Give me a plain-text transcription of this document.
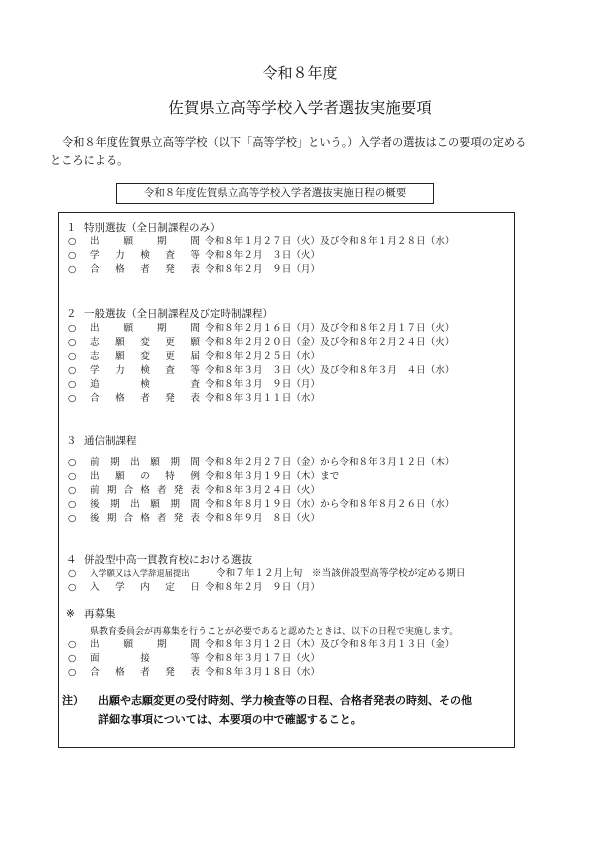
令和８年度
佐賀県立高等学校入学者選抜実施要項
令和８年度佐賀県立高等学校（以下「高等学校」という。）入学者の選抜はこの要項の定めるところによる。
令和８年度佐賀県立高等学校入学者選抜実施日程の概要
１ 特別選抜（全日制課程のみ）
○ 出願期間 令和８年１月２７日（火）及び令和８年１月２８日（水）
○ 学力検査等 令和８年２月　３日（火）
○ 合格者発表 令和８年２月　９日（月）
２ 一般選抜（全日制課程及び定時制課程）
○ 出願期間 令和８年２月１６日（月）及び令和８年２月１７日（火）
○ 志願変更願 令和８年２月２０日（金）及び令和８年２月２４日（火）
○ 志願変更届 令和８年２月２５日（水）
○ 学力検査等 令和８年３月　３日（火）及び令和８年３月　４日（水）
○ 追検査 令和８年３月　９日（月）
○ 合格者発表 令和８年３月１１日（水）
３ 通信制課程
○ 前期出願期間 令和８年２月２７日（金）から令和８年３月１２日（木）
○ 出願の特例 令和８年３月１９日（木）まで
○ 前期合格者発表 令和８年３月２４日（火）
○ 後期出願期間 令和８年８月１９日（水）から令和８年８月２６日（水）
○ 後期合格者発表 令和８年９月　８日（火）
４ 併設型中高一貫教育校における選抜
○ 入学願又は入学辞退届提出	令和７年１２月上旬　※当該併設型高等学校が定める期日
○ 入学内定日 令和８年２月　９日（月）
※ 再募集
県教育委員会が再募集を行うことが必要であると認めたときは、以下の日程で実施します。
○ 出願期間 令和８年３月１２日（木）及び令和８年３月１３日（金）
○ 面接等 令和８年３月１７日（火）
○ 合格者発表 令和８年３月１８日（水）
注） 出願や志願変更の受付時刻、学力検査等の日程、合格者発表の時刻、その他
詳細な事項については、本要項の中で確認すること。
